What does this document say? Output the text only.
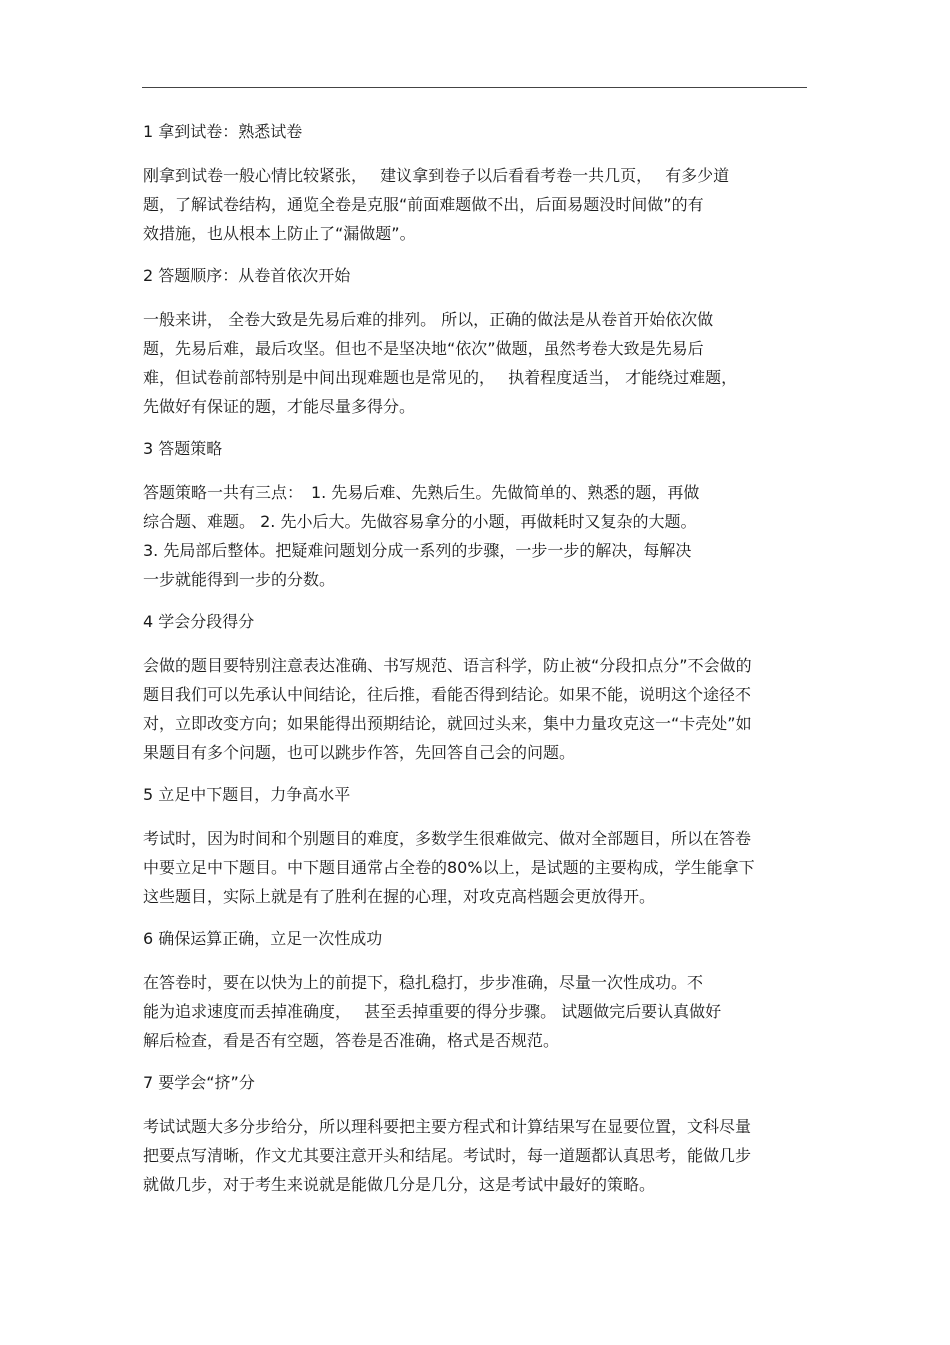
1 拿到试卷：熟悉试卷
刚拿到试卷一般心情比较紧张，　 建议拿到卷子以后看看考卷一共几页，　 有多少道
题，了解试卷结构，通览全卷是克服“前面难题做不出，后面易题没时间做”的有
效措施，也从根本上防止了“漏做题”。
2 答题顺序：从卷首依次开始
一般来讲， 全卷大致是先易后难的排列。 所以，正确的做法是从卷首开始依次做
题，先易后难，最后攻坚。但也不是坚决地“依次”做题，虽然考卷大致是先易后
难，但试卷前部特别是中间出现难题也是常见的，　 执着程度适当， 才能绕过难题，
先做好有保证的题，才能尽量多得分。
3 答题策略
答题策略一共有三点：　1. 先易后难、先熟后生。先做简单的、熟悉的题，再做
综合题、难题。 2. 先小后大。先做容易拿分的小题，再做耗时又复杂的大题。
3. 先局部后整体。把疑难问题划分成一系列的步骤，一步一步的解决，每解决
一步就能得到一步的分数。
4 学会分段得分
会做的题目要特别注意表达准确、书写规范、语言科学，防止被“分段扣点分”不会做的
题目我们可以先承认中间结论，往后推，看能否得到结论。如果不能，说明这个途径不
对，立即改变方向；如果能得出预期结论，就回过头来，集中力量攻克这一“卡壳处”如
果题目有多个问题，也可以跳步作答，先回答自己会的问题。
5 立足中下题目，力争高水平
考试时，因为时间和个别题目的难度，多数学生很难做完、做对全部题目，所以在答卷
中要立足中下题目。中下题目通常占全卷的80%以上，是试题的主要构成，学生能拿下
这些题目，实际上就是有了胜利在握的心理，对攻克高档题会更放得开。
6 确保运算正确，立足一次性成功
在答卷时，要在以快为上的前提下，稳扎稳打，步步准确，尽量一次性成功。不
能为追求速度而丢掉准确度，　 甚至丢掉重要的得分步骤。 试题做完后要认真做好
解后检查，看是否有空题，答卷是否准确，格式是否规范。
7 要学会“挤”分
考试试题大多分步给分，所以理科要把主要方程式和计算结果写在显要位置，文科尽量
把要点写清晰，作文尤其要注意开头和结尾。考试时，每一道题都认真思考，能做几步
就做几步，对于考生来说就是能做几分是几分，这是考试中最好的策略。
